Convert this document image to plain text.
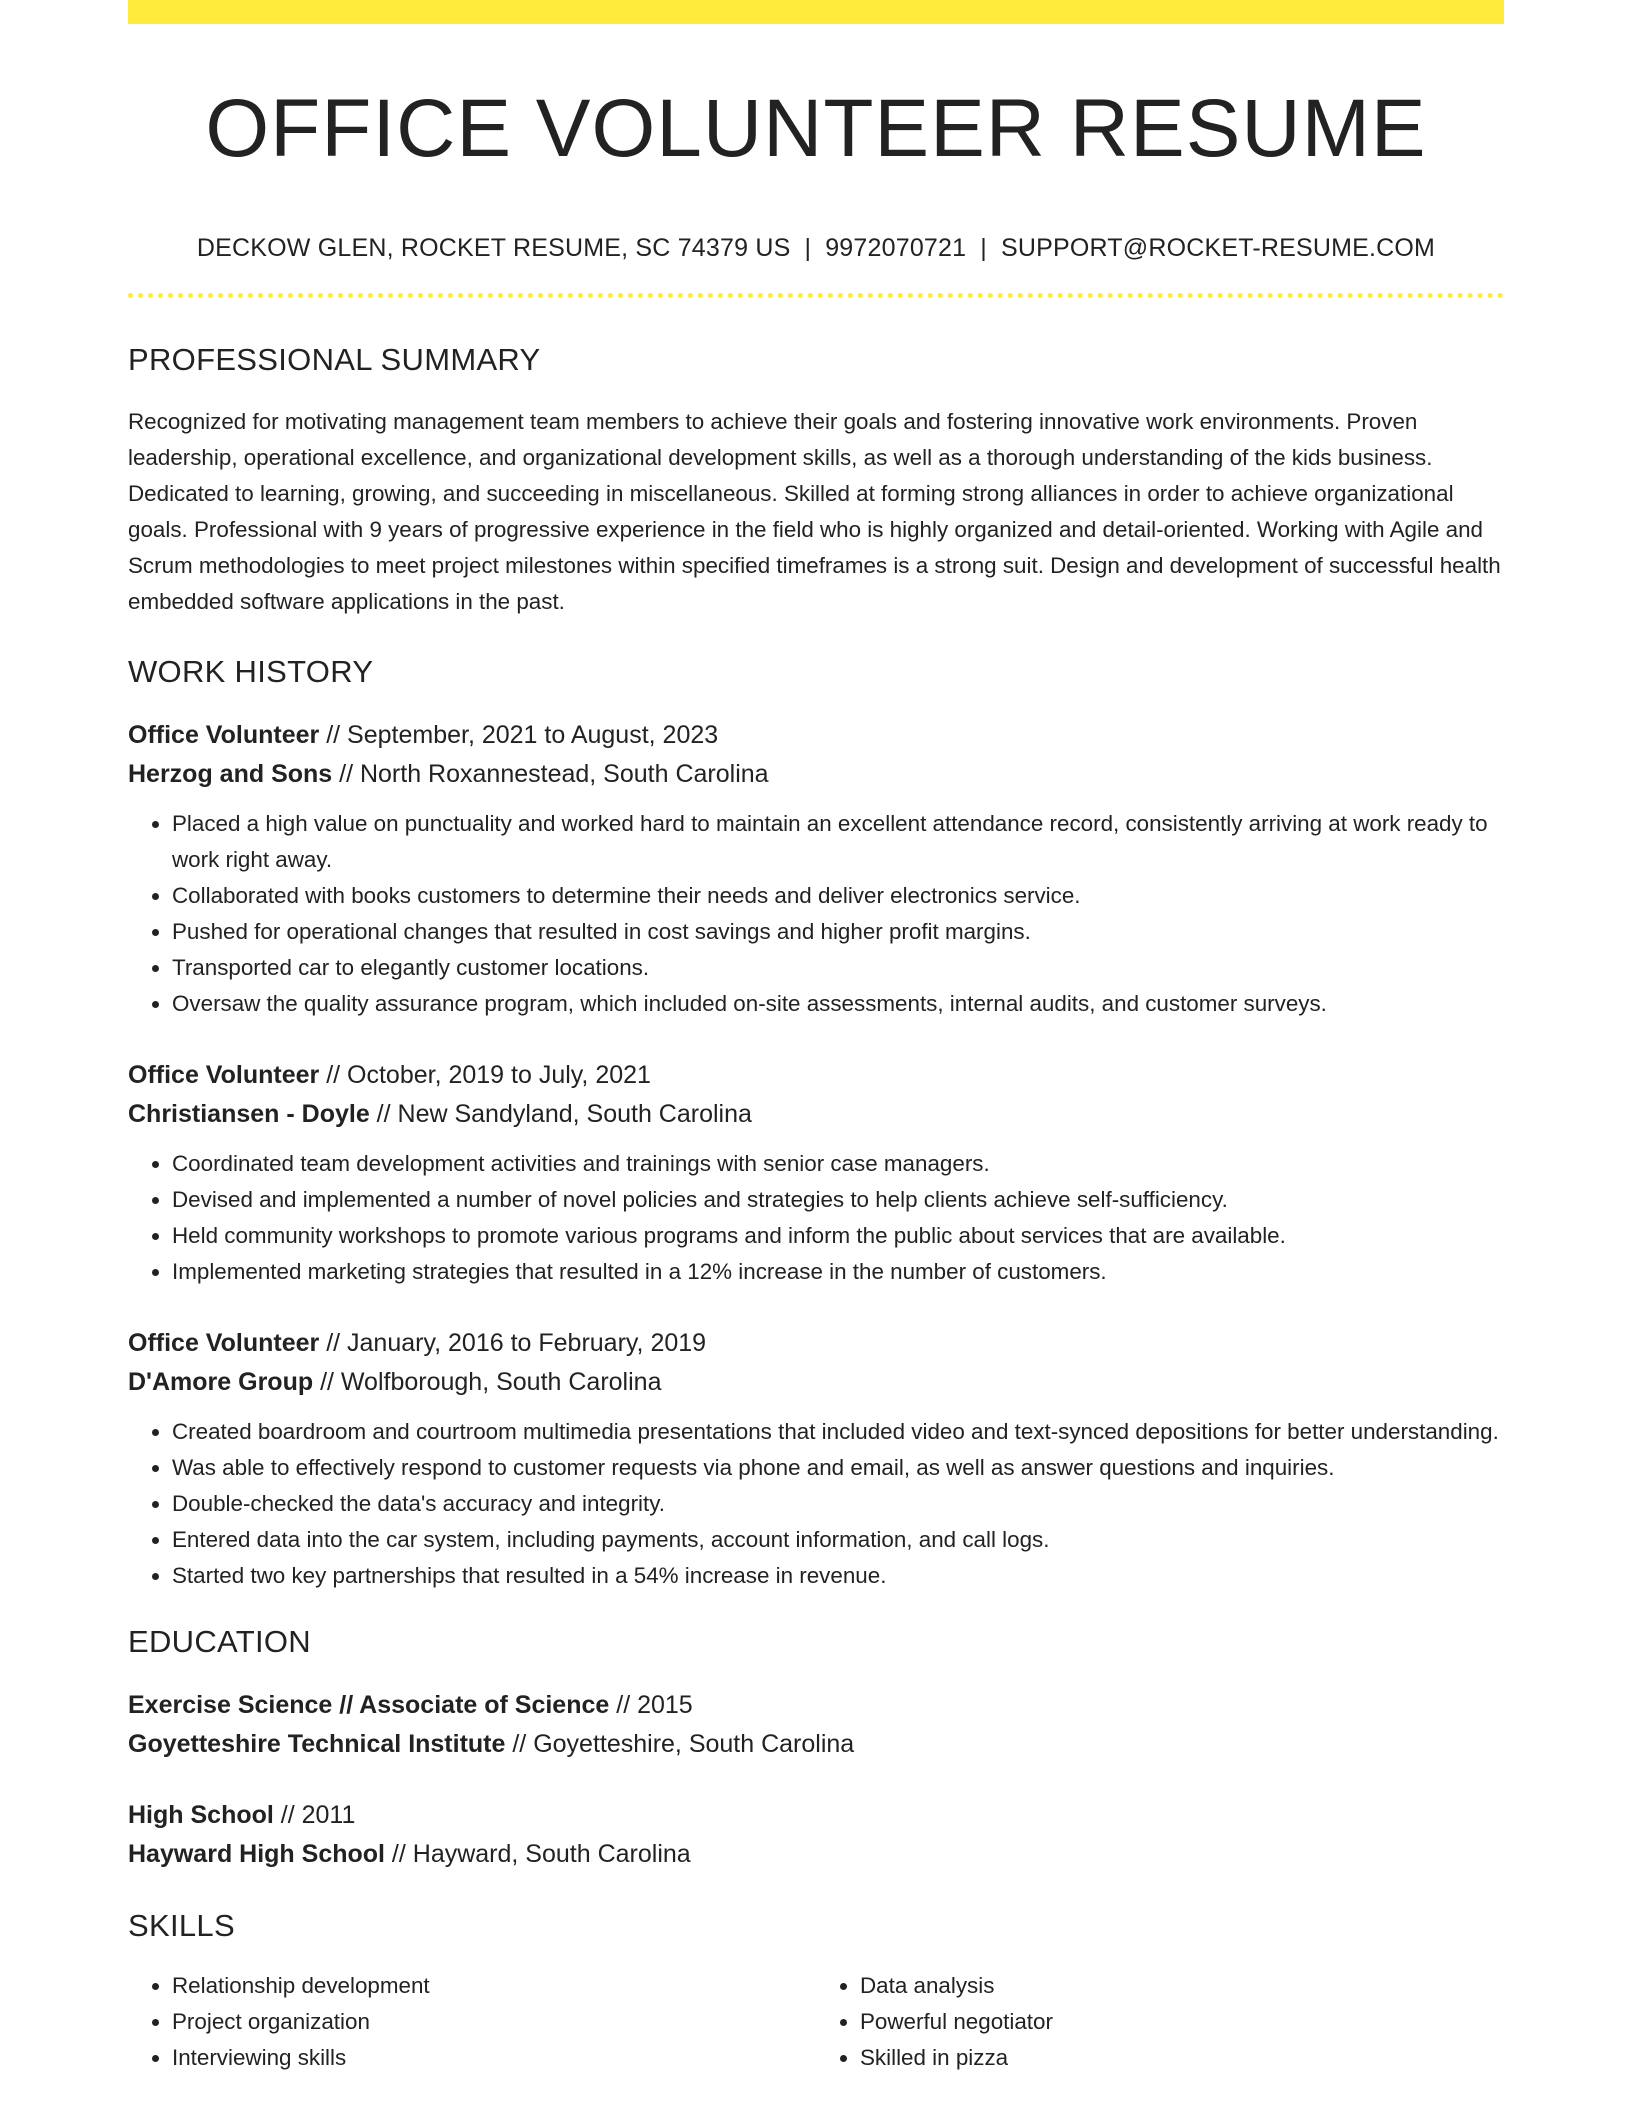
OFFICE VOLUNTEER RESUME
DECKOW GLEN, ROCKET RESUME, SC 74379 US | 9972070721 | SUPPORT@ROCKET-RESUME.COM
PROFESSIONAL SUMMARY

Recognized for motivating management team members to achieve their goals and fostering innovative work environments. Proven leadership, operational excellence, and organizational development skills, as well as a thorough understanding of the kids business. Dedicated to learning, growing, and succeeding in miscellaneous. Skilled at forming strong alliances in order to achieve organizational goals. Professional with 9 years of progressive experience in the field who is highly organized and detail-oriented. Working with Agile and Scrum methodologies to meet project milestones within specified timeframes is a strong suit. Design and development of successful health embedded software applications in the past.

WORK HISTORY
Office Volunteer // September, 2021 to August, 2023
Herzog and Sons // North Roxannestead, South Carolina
• Placed a high value on punctuality and worked hard to maintain an excellent attendance record, consistently arriving at work ready to work right away.
• Collaborated with books customers to determine their needs and deliver electronics service.
• Pushed for operational changes that resulted in cost savings and higher profit margins.
• Transported car to elegantly customer locations.
• Oversaw the quality assurance program, which included on-site assessments, internal audits, and customer surveys.
Office Volunteer // October, 2019 to July, 2021
Christiansen - Doyle // New Sandyland, South Carolina
• Coordinated team development activities and trainings with senior case managers.
• Devised and implemented a number of novel policies and strategies to help clients achieve self-sufficiency.
• Held community workshops to promote various programs and inform the public about services that are available.
• Implemented marketing strategies that resulted in a 12% increase in the number of customers.
Office Volunteer // January, 2016 to February, 2019
D'Amore Group // Wolfborough, South Carolina
• Created boardroom and courtroom multimedia presentations that included video and text-synced depositions for better understanding.
• Was able to effectively respond to customer requests via phone and email, as well as answer questions and inquiries.
• Double-checked the data's accuracy and integrity.
• Entered data into the car system, including payments, account information, and call logs.
• Started two key partnerships that resulted in a 54% increase in revenue.
EDUCATION
Exercise Science // Associate of Science // 2015
Goyetteshire Technical Institute // Goyetteshire, South Carolina
High School // 2011
Hayward High School // Hayward, South Carolina
SKILLS
• Relationship development
• Project organization
• Interviewing skills
• Data analysis
• Powerful negotiator
• Skilled in pizza
